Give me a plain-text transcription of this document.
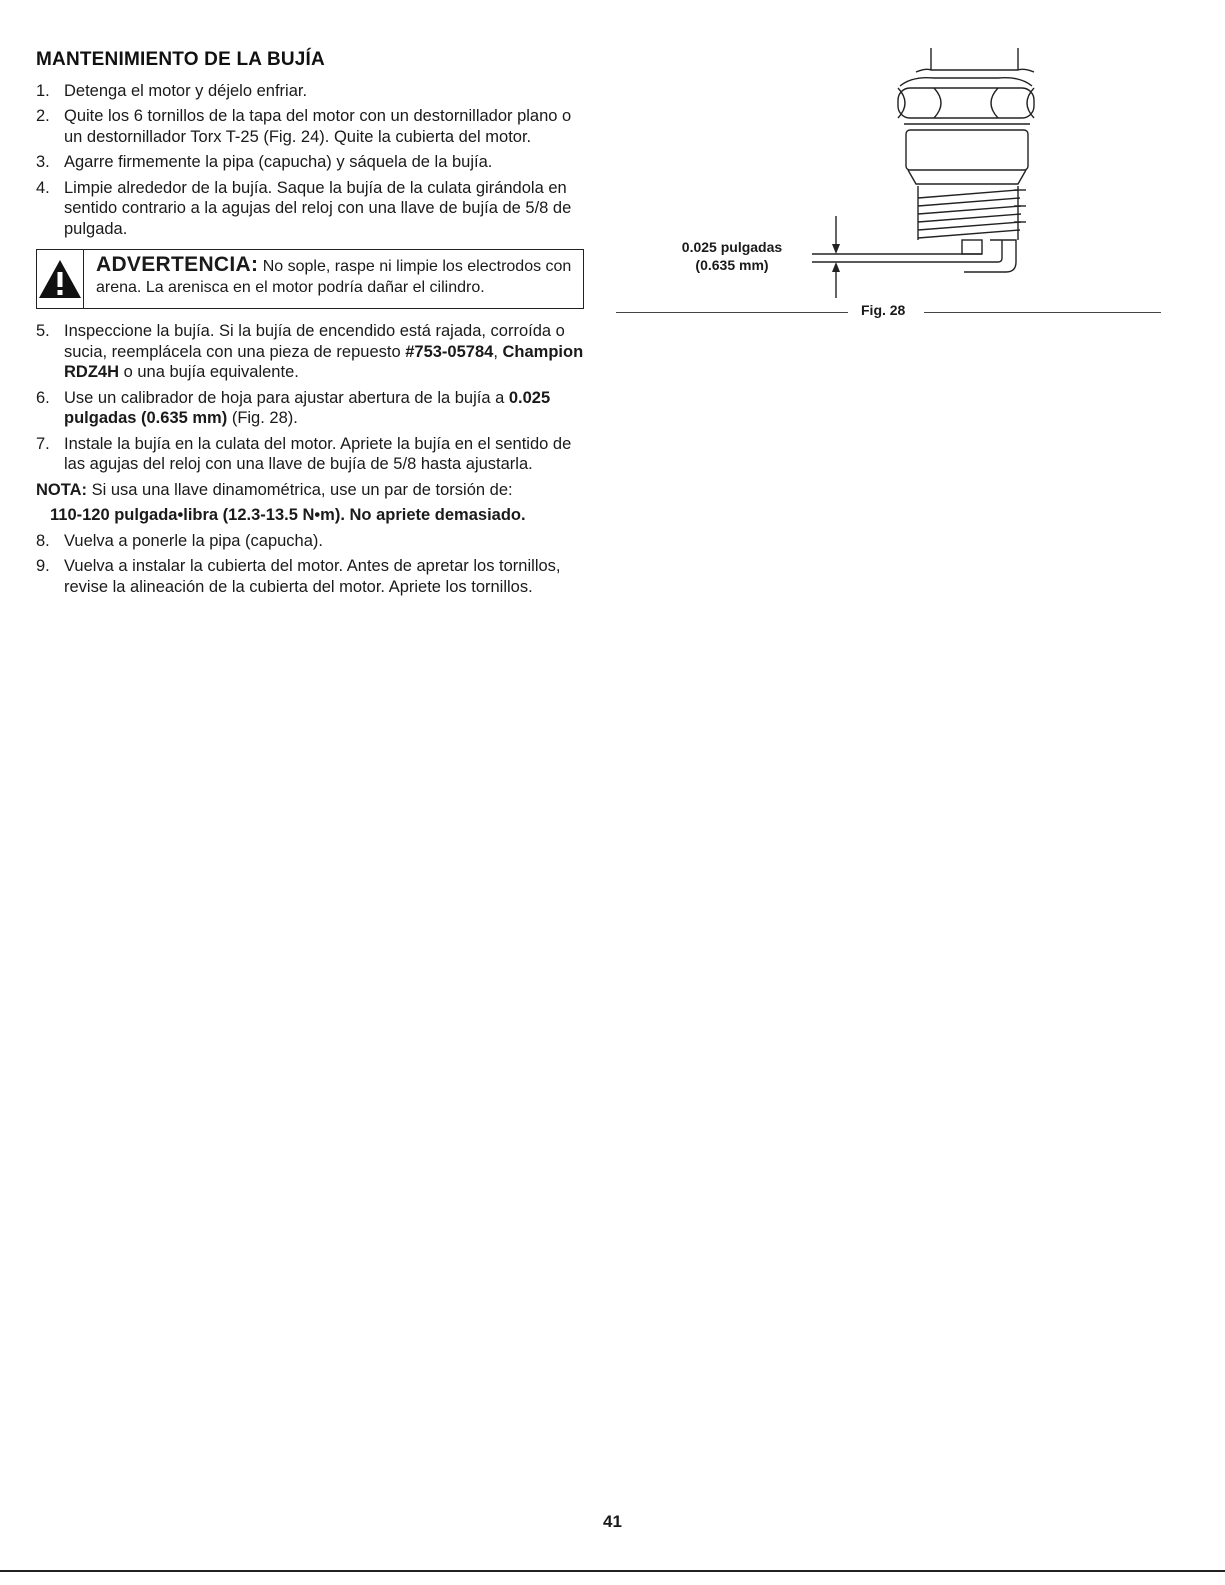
MANTENIMIENTO DE LA BUJÍA
1. Detenga el motor y déjelo enfriar.
2. Quite los 6 tornillos de la tapa del motor con un destornillador plano o un destornillador Torx T-25 (Fig. 24). Quite la cubierta del motor.
3. Agarre firmemente la pipa (capucha) y sáquela de la bujía.
4. Limpie alrededor de la bujía. Saque la bujía de la culata girándola en sentido contrario a la agujas del reloj con una llave de bujía de 5/8 de pulgada.
ADVERTENCIA: No sople, raspe ni limpie los electrodos con arena. La arenisca en el motor podría dañar el cilindro.
5. Inspeccione la bujía. Si la bujía de encendido está rajada, corroída o sucia, reemplácela con una pieza de repuesto #753-05784, Champion RDZ4H o una bujía equivalente.
6. Use un calibrador de hoja para ajustar abertura de la bujía a 0.025 pulgadas (0.635 mm) (Fig. 28).
7. Instale la bujía en la culata del motor. Apriete la bujía en el sentido de las agujas del reloj con una llave de bujía de 5/8 hasta ajustarla.

NOTA: Si usa una llave dinamométrica, use un par de torsión de:

110-120 pulgada•libra (12.3-13.5 N•m). No apriete demasiado.

8. Vuelva a ponerle la pipa (capucha).
9. Vuelva a instalar la cubierta del motor. Antes de apretar los tornillos, revise la alineación de la cubierta del motor. Apriete los tornillos.
0.025 pulgadas
(0.635 mm)
Fig. 28
41
